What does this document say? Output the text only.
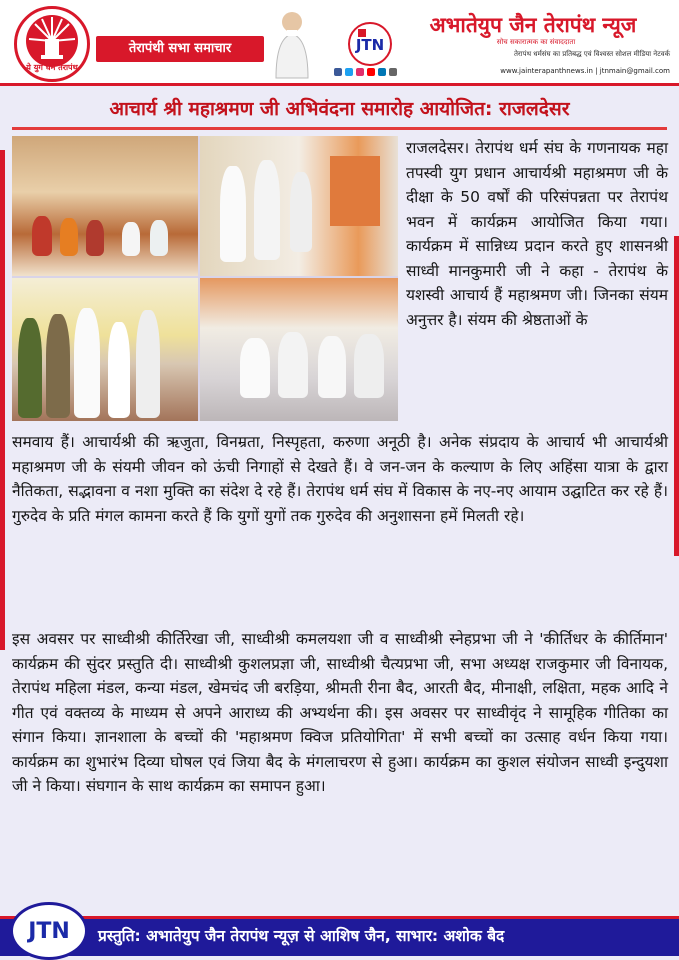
ये युग धर्म तेरापंथ
तेरापंथी सभा समाचार	JTN
अभातेयुप जैन तेरापंथ न्यूज
सोच सकारात्मक का संवाददाता
तेरापंथ धर्मसंघ का प्रतिबद्ध एवं विश्वस्त सोशल मीडिया नेटवर्क
www.jainterapanthnews.in | jtnmain@gmail.com
आचार्य श्री महाश्रमण जी अभिवंदना समारोह आयोजित: राजलदेसर
राजलदेसर। तेरापंथ धर्म संघ के गणनायक महा तपस्वी युग प्रधान आचार्यश्री महाश्रमण जी के दीक्षा के 50 वर्षों की परिसंपन्नता पर तेरापंथ भवन में कार्यक्रम आयोजित किया गया। कार्यक्रम में सान्निध्य प्रदान करते हुए शासनश्री साध्वी मानकुमारी जी ने कहा - तेरापंथ के यशस्वी आचार्य हैं महाश्रमण जी। जिनका संयम अनुत्तर है। संयम की श्रेष्ठताओं के
समवाय हैं। आचार्यश्री की ऋजुता, विनम्रता, निस्पृहता, करुणा अनूठी है। अनेक संप्रदाय के आचार्य भी आचार्यश्री महाश्रमण जी के संयमी जीवन को ऊंची निगाहों से देखते हैं। वे जन-जन के कल्याण के लिए अहिंसा यात्रा के द्वारा नैतिकता, सद्भावना व नशा मुक्ति का संदेश दे रहे हैं। तेरापंथ धर्म संघ में विकास के नए-नए आयाम उद्घाटित कर रहे हैं। गुरुदेव के प्रति मंगल कामना करते हैं कि युगों युगों तक गुरुदेव की अनुशासना हमें मिलती रहे।
इस अवसर पर साध्वीश्री कीर्तिरेखा जी, साध्वीश्री कमलयशा जी व साध्वीश्री स्नेहप्रभा जी ने 'कीर्तिधर के कीर्तिमान' कार्यक्रम की सुंदर प्रस्तुति दी। साध्वीश्री कुशलप्रज्ञा जी, साध्वीश्री चैत्यप्रभा जी, सभा अध्यक्ष राजकुमार जी विनायक, तेरापंथ महिला मंडल, कन्या मंडल, खेमचंद जी बरड़िया, श्रीमती रीना बैद, आरती बैद, मीनाक्षी, लक्षिता, महक आदि ने गीत एवं वक्तव्य के माध्यम से अपने आराध्य की अभ्यर्थना की। इस अवसर पर साध्वीवृंद ने सामूहिक गीतिका का संगान किया। ज्ञानशाला के बच्चों की 'महाश्रमण क्विज प्रतियोगिता' में सभी बच्चों का उत्साह वर्धन किया गया। कार्यक्रम का शुभारंभ दिव्या घोषल एवं जिया बैद के मंगलाचरण से हुआ। कार्यक्रम का कुशल संयोजन साध्वी इन्दुयशा जी ने किया। संघगान के साथ कार्यक्रम का समापन हुआ।
JTN	प्रस्तुति: अभातेयुप जैन तेरापंथ न्यूज़ से आशिष जैन, साभार: अशोक बैद
